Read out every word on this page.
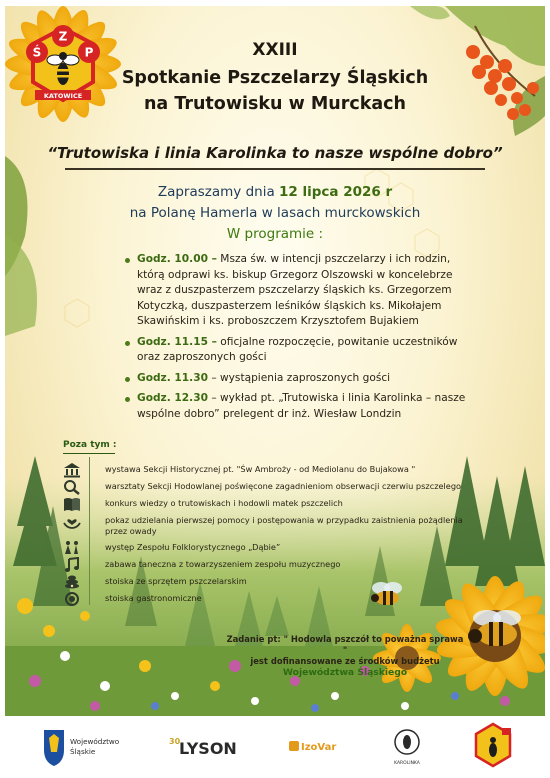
Ś
Z
P
KATOWICE
XXIII
Spotkanie Pszczelarzy Śląskich
na Trutowisku w Murckach
“Trutowiska i linia Karolinka to nasze wspólne dobro”
Zapraszamy dnia 12 lipca 2026 r
na Polanę Hamerla w lasach murckowskich
W programie :
Godz. 10.00 – Msza św. w intencji pszczelarzy i ich rodzin, którą odprawi ks. biskup Grzegorz Olszowski w koncelebrze wraz z duszpasterzem pszczelarzy śląskich ks. Grzegorzem Kotyczką, duszpasterzem leśników śląskich ks. Mikołajem Skawińskim i ks. proboszczem Krzysztofem Bujakiem
Godz. 11.15 – oficjalne rozpoczęcie, powitanie uczestników oraz zaproszonych gości
Godz. 11.30 – wystąpienia zaproszonych gości
Godz. 12.30 – wykład pt. „Trutowiska i linia Karolinka – nasze wspólne dobro” prelegent dr inż. Wiesław Londzin
Poza tym :
wystawa Sekcji Historycznej pt. "Św Ambroży - od Mediolanu do Bujakowa "
warsztaty Sekcji Hodowlanej poświęcone zagadnieniom obserwacji czerwiu pszczelego
konkurs wiedzy o trutowiskach i hodowli matek pszczelich
pokaz udzielania pierwszej pomocy i postępowania w przypadku zaistnienia pożądlenia przez owady
występ Zespołu Folklorystycznego „Dąbie”
zabawa taneczna z towarzyszeniem zespołu muzycznego
stoiska ze sprzętem pszczelarskim
stoiska gastronomiczne
Zadanie pt: " Hodowla pszczół to poważna sprawa "
jest dofinansowane ze środków budżetu
Województwa Śląskiego
Województwo
Śląskie
30
LYSON	IzoVar
KAROLINKA
